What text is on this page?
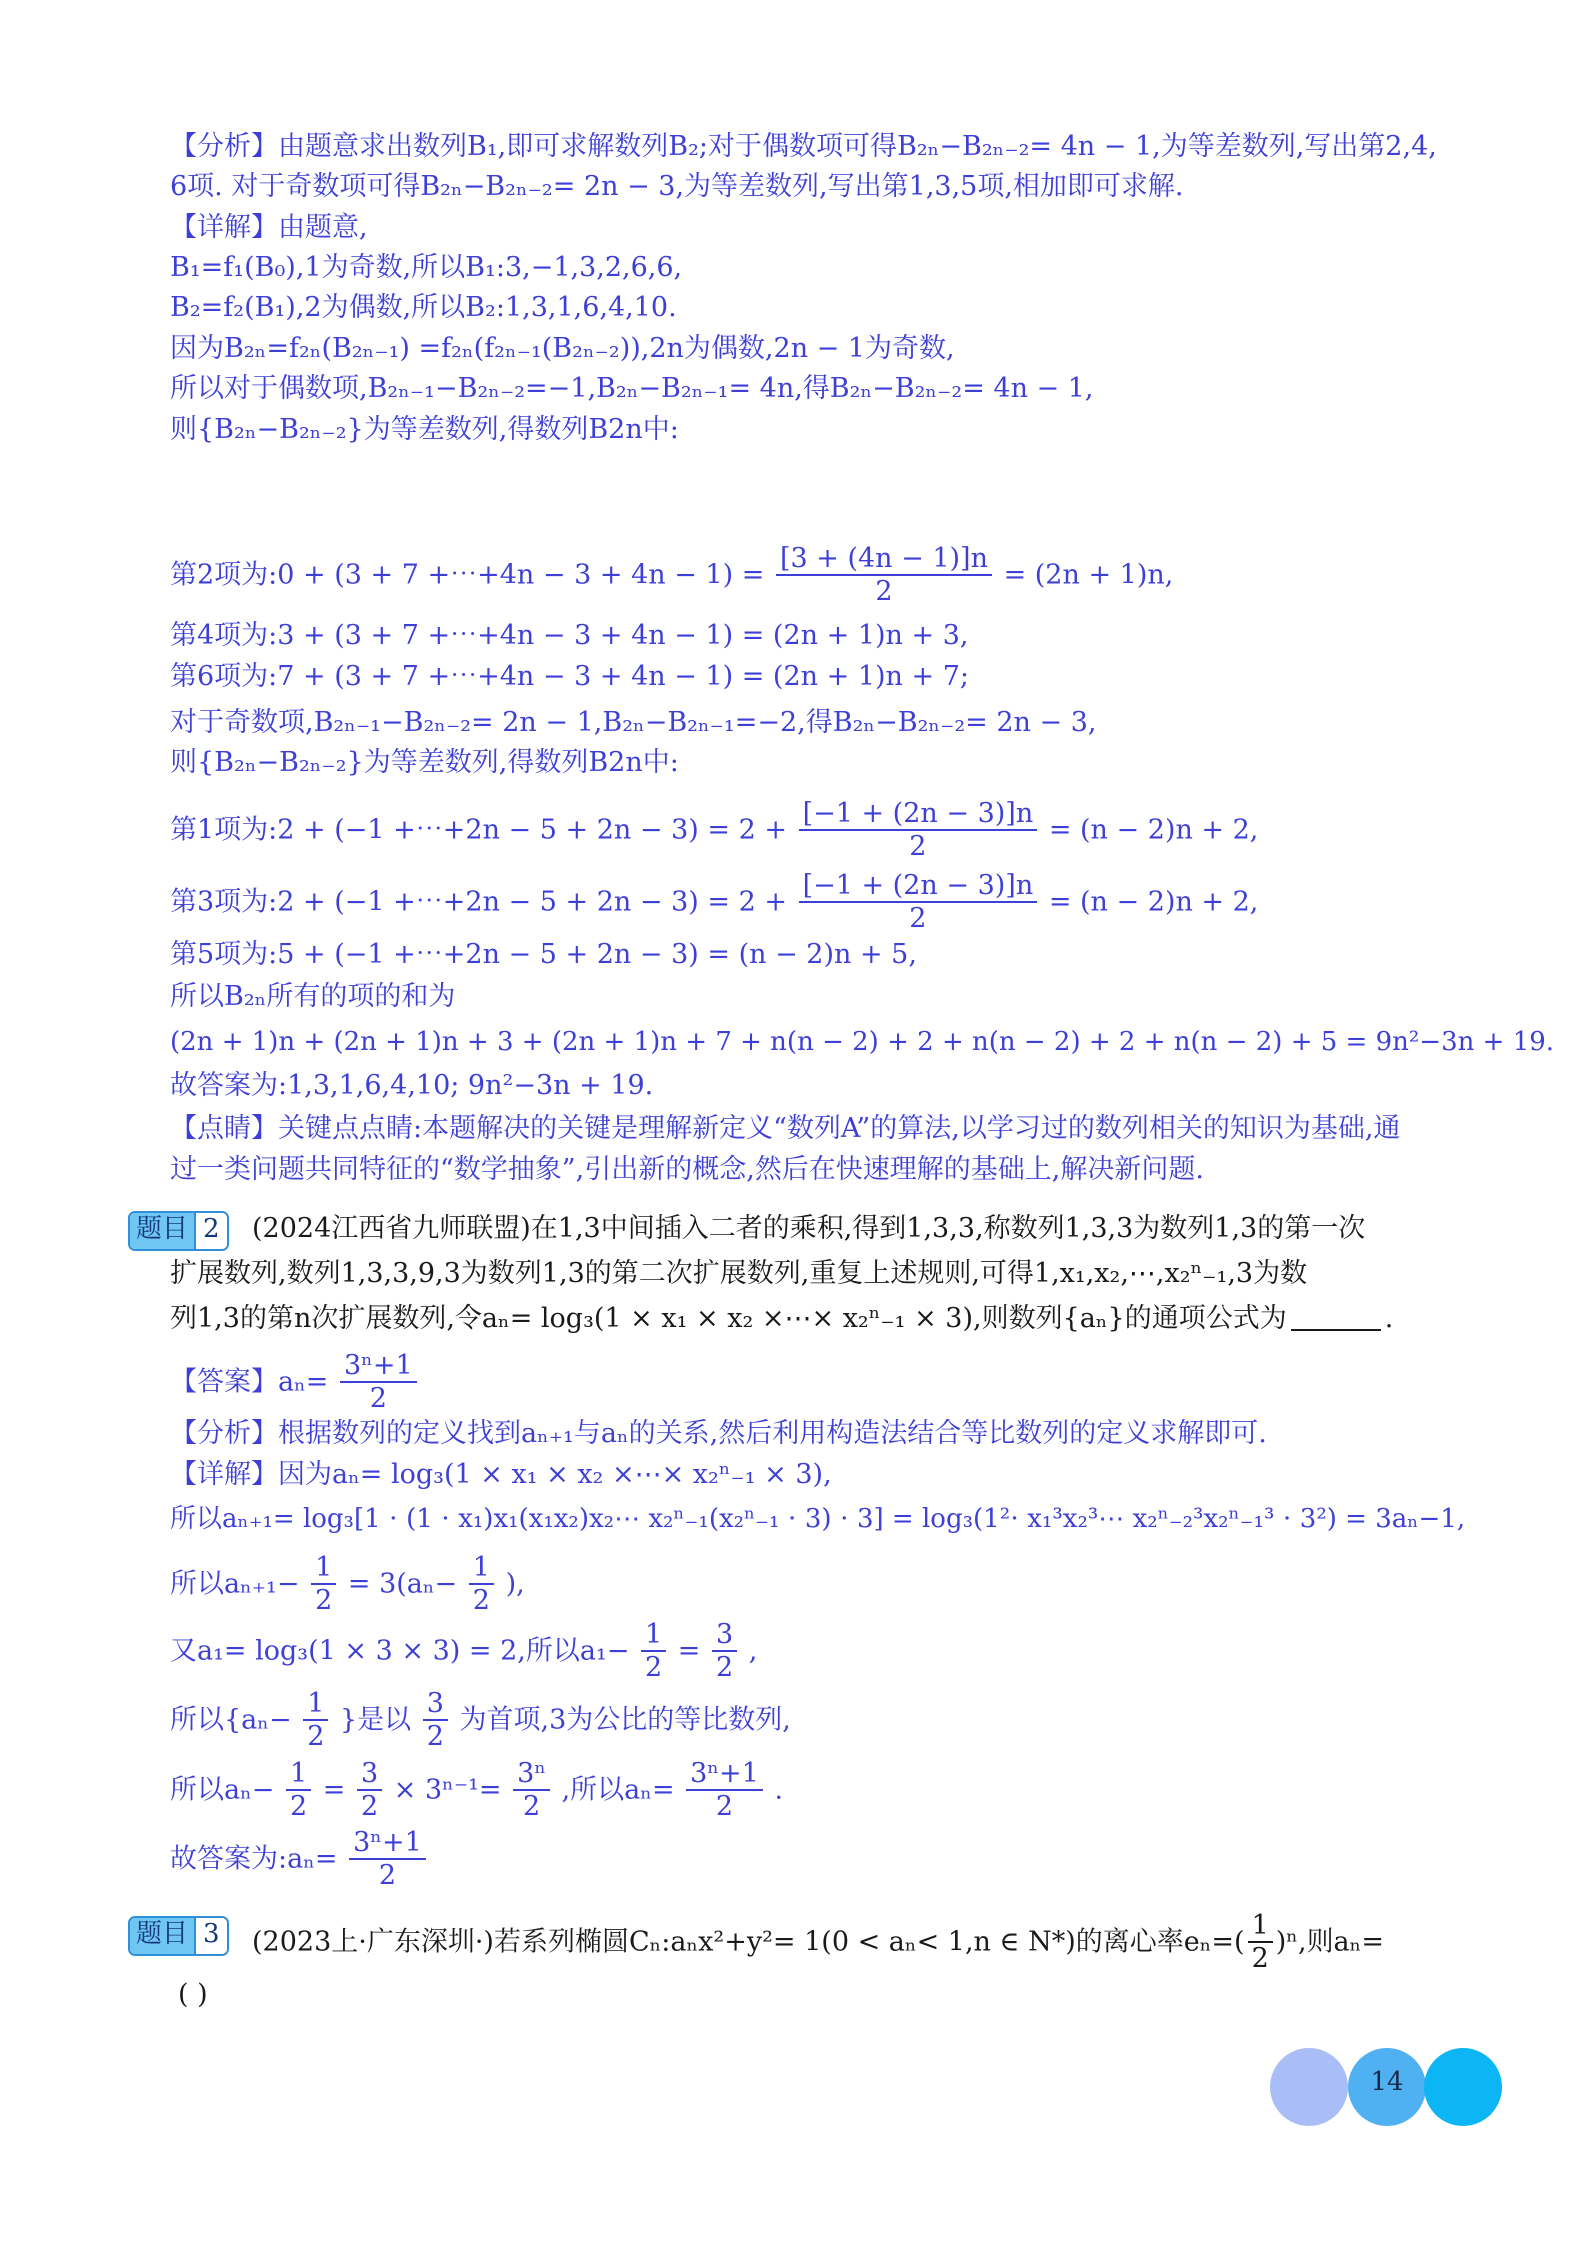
【分析】由题意求出数列B₁,即可求解数列B₂;对于偶数项可得B₂ₙ−B₂ₙ₋₂= 4n − 1,为等差数列,写出第2,4,
6项. 对于奇数项可得B₂ₙ−B₂ₙ₋₂= 2n − 3,为等差数列,写出第1,3,5项,相加即可求解.
【详解】由题意,
B₁=f₁(B₀),1为奇数,所以B₁:3,−1,3,2,6,6,
B₂=f₂(B₁),2为偶数,所以B₂:1,3,1,6,4,10.
因为B₂ₙ=f₂ₙ(B₂ₙ₋₁) =f₂ₙ(f₂ₙ₋₁(B₂ₙ₋₂)),2n为偶数,2n − 1为奇数,
所以对于偶数项,B₂ₙ₋₁−B₂ₙ₋₂=−1,B₂ₙ−B₂ₙ₋₁= 4n,得B₂ₙ−B₂ₙ₋₂= 4n − 1,
则{B₂ₙ−B₂ₙ₋₂}为等差数列,得数列B2n中:
第2项为:0 + (3 + 7 +⋯+4n − $3 + 4n - 1) = \frac{[3 + (4n - 1)]n}{2} = (2n + 1)n$,
第4项为:3 + (3 + 7 +⋯+4n − 3 + 4n − 1) = (2n + 1)n + 3,
第6项为:7 + (3 + 7 +⋯+4n − 3 + 4n − 1) = (2n + 1)n + 7;
对于奇数项,B₂ₙ₋₁−B₂ₙ₋₂= 2n − 1,B₂ₙ−B₂ₙ₋₁=−2,得B₂ₙ−B₂ₙ₋₂= 2n − 3,
则{B₂ₙ−B₂ₙ₋₂}为等差数列,得数列B2n中:
第1项为:2 + (−1 +⋯+2n − $5 + 2n - 3) = 2 + \frac{[-1 + (2n - 3)]n}{2} = (n - 2)n + 2$,
第3项为:2 + (−1 +⋯+2n − $5 + 2n - 3) = 2 + \frac{[-1 + (2n - 3)]n}{2} = (n - 2)n + 2$,
第5项为:5 + (−1 +⋯+2n − 5 + 2n − 3) = (n − 2)n + 5,
所以B₂ₙ所有的项的和为
(2n + 1)n + (2n + 1)n + 3 + (2n + 1)n + 7 + n(n − 2) + 2 + n(n − 2) + 2 + n(n − 2) + 5 = 9n²−3n + 19.
故答案为:1,3,1,6,4,10; 9n²−3n + 19.
【点睛】关键点点睛:本题解决的关键是理解新定义“数列A”的算法,以学习过的数列相关的知识为基础,通
过一类问题共同特征的“数学抽象”,引出新的概念,然后在快速理解的基础上,解决新问题.
题目 2 (2024江西省九师联盟)在1,3中间插入二者的乘积,得到1,3,3,称数列1,3,3为数列1,3的第一次
扩展数列,数列1,3,3,9,3为数列1,3的第二次扩展数列,重复上述规则,可得1,x₁,x₂,⋯,x₂ⁿ₋₁,3为数
列1,3的第n次扩展数列,令aₙ= log₃(1 × x₁ × x₂ ×⋯× x₂ⁿ₋₁ × 3),则数列{aₙ}的通项公式为	.
【答案】$a_n= \frac{\text{3ⁿ+1}}{2}$
【分析】根据数列的定义找到aₙ₊₁与aₙ的关系,然后利用构造法结合等比数列的定义求解即可.
【详解】因为aₙ= log₃(1 × x₁ × x₂ ×⋯× x₂ⁿ₋₁ × 3),
所以aₙ₊₁= log₃[1 ⋅ (1 ⋅ x₁)x₁(x₁x₂)x₂⋯ x₂ⁿ₋₁(x₂ⁿ₋₁ ⋅ 3) ⋅ 3] = log₃(1²⋅ x₁³x₂³⋯ x₂ⁿ₋₂³x₂ⁿ₋₁³ ⋅ 3²) = 3aₙ−1,
所以$a_{n+1}- \frac{1}{2} = 3(a_n- \frac{1}{2}$ ),
又a₁= log₃(1 × 3 × 3) = 2,所以$a_1- \frac{1}{2} = \frac{3}{2}$ ,
所以{$a_n- \frac{1}{2}$ }是以 $\frac{3}{2}$ 为首项,3为公比的等比数列,
所以$a_n- \frac{1}{2} = \frac{3}{2} \times 3^{n-1}= \frac{\text{3ⁿ}}{2}$ ,所以$a_n= \frac{\text{3ⁿ+1}}{2}$ .
故答案为:aₙ= $\frac{\text{3ⁿ+1}}{2}$
题目 3 (2023上·广东深圳·)若系列椭圆Cₙ:aₙx²+y²= 1(0 < aₙ< 1,n ∈ N*)的离心率$e_n=( \frac{1}{2} )^n$,则aₙ=
( )
14
